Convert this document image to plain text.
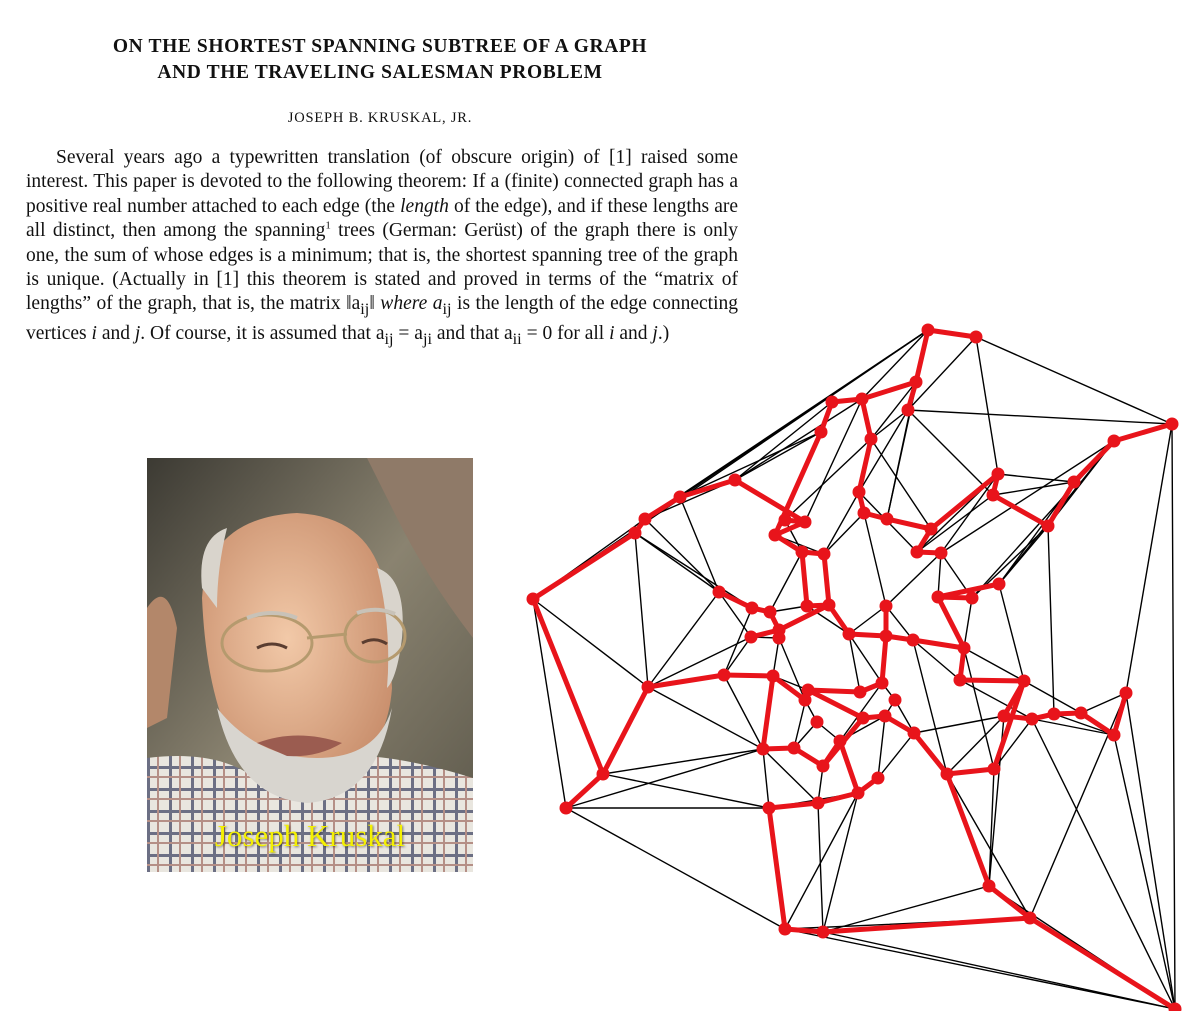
ON THE SHORTEST SPANNING SUBTREE OF A GRAPH
AND THE TRAVELING SALESMAN PROBLEM
JOSEPH B. KRUSKAL, JR.

Several years ago a typewritten translation (of obscure origin) of [1] raised some interest. This paper is devoted to the following theorem: If a (finite) connected graph has a positive real number attached to each edge (the length of the edge), and if these lengths are all distinct, then among the spanning$^1$ trees (German: Gerüst) of the graph there is only one, the sum of whose edges is a minimum; that is, the shortest spanning tree of the graph is unique. (Actually in [1] this theorem is stated and proved in terms of the “matrix of lengths” of the graph, that is, the matrix $‖a_{ij}‖$ where $a_{ij}$ is the length of the edge connecting vertices i and j. Of course, it is assumed that $a_{ij} = a_{ji}$ and that $a_{ii} = 0$ for all i and j.)

Joseph Kruskal
